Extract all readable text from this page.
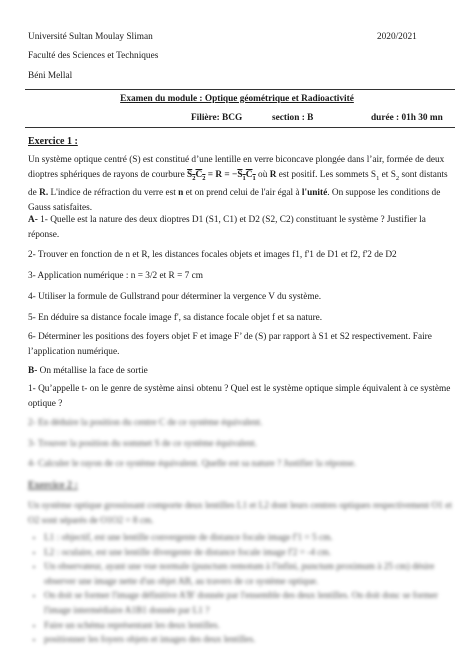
Université Sultan Moulay Sliman	2020/2021
Faculté des Sciences et Techniques
Béni Mellal
Examen du module : Optique géométrique et Radioactivité
Filière: BCG	section : B	durée : 01h 30 mn
Exercice 1 :
Un système optique centré (S) est constitué d’une lentille en verre biconcave plongée dans l’air, formée de deux dioptres sphériques de rayons de courbure $S_2C_2 = R = -S_1C_1$ où R est positif. Les sommets $S_1$ et $S_2$ sont distants de R. L'indice de réfraction du verre est n et on prend celui de l'air égal à l'unité. On suppose les conditions de Gauss satisfaites.
A- 1- Quelle est la nature des deux dioptres D1 (S1, C1) et D2 (S2, C2) constituant le système ? Justifier la réponse.
2- Trouver en fonction de n et R, les distances focales objets et images f1, f'1 de D1 et f2, f'2 de D2
3- Application numérique : n = 3/2 et R = 7 cm
4- Utiliser la formule de Gullstrand pour déterminer la vergence V du système.
5- En déduire sa distance focale image f', sa distance focale objet f et sa nature.
6- Déterminer les positions des foyers objet F et image F’ de (S) par rapport à S1 et S2 respectivement. Faire l’application numérique.
B- On métallise la face de sortie
1- Qu’appelle t- on le genre de système ainsi obtenu ? Quel est le système optique simple équivalent à ce système optique ?
2- En déduire la position du centre C de ce système équivalent.
3- Trouver la position du sommet S de ce système équivalent.
4- Calculer le rayon de ce système équivalent. Quelle est sa nature ? Justifier la réponse.
Exercice 2 :
Un système optique grossissant comporte deux lentilles L1 et L2 dont leurs centres optiques respectivement O1 et O2 sont séparés de O1O2 = 8 cm.
• L1 : objectif, est une lentille convergente de distance focale image f'1 = 5 cm.
• L2 : oculaire, est une lentille divergente de distance focale image f'2 = -4 cm.
• Un observateur, ayant une vue normale (punctum remotum à l'infini, punctum proximum à 25 cm) désire observer une image nette d'un objet AB, au travers de ce système optique.
• On doit se former l'image définitive A'B' donnée par l'ensemble des deux lentilles. On doit donc se former l'image intermédiaire A1B1 donnée par L1 ?
• Faire un schéma représentant les deux lentilles.
• positionner les foyers objets et images des deux lentilles.
